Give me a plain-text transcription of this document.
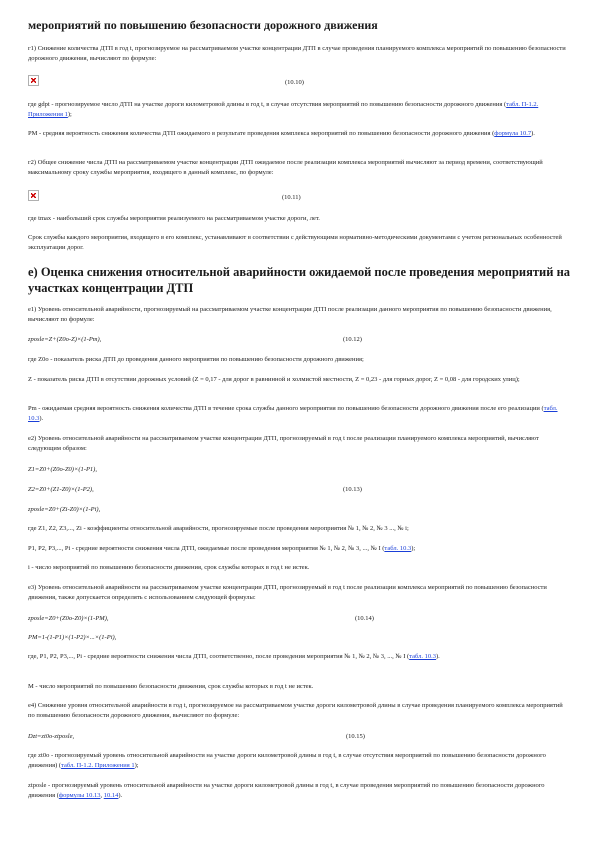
мероприятий по повышению безопасности дорожного движения
г1) Снижение количества ДТП в год t, прогнозируемое на рассматриваемом участке концентрации ДТП в случае проведения планируемого комплекса мероприятий по повышению безопасности дорожного движения, вычисляют по формуле:
(10.10)
где gdpt - прогнозируемое число ДТП на участке дороги километровой длины в год t, в случае отсутствия мероприятий по повышению безопасности дорожного движения (табл. П-1.2. Приложения 1);
PM - средняя вероятность снижения количества ДТП ожидаемого в результате проведения комплекса мероприятий по повышению безопасности дорожного движения (формула 10.7).
г2) Общее снижение числа ДТП на рассматриваемом участке концентрации ДТП ожидаемое после реализации комплекса мероприятий вычисляют за период времени, соответствующий максимальному сроку службы мероприятия, входящего в данный комплекс, по формуле:
(10.11)
где tmax - наибольший срок службы мероприятия реализуемого на рассматриваемом участке дороги, лет.
Срок службы каждого мероприятия, входящего в его комплекс, устанавливают в соответствии с действующими нормативно-методическими документами с учетом региональных особенностей эксплуатации дорог.
е) Оценка снижения относительной аварийности ожидаемой после проведения мероприятий на участках концентрации ДТП
е1) Уровень относительной аварийности, прогнозируемый на рассматриваемом участке концентрации ДТП после реализации данного мероприятия по повышению безопасности движения, вычисляют по формуле:
zposle=Z+(Z0o-Z)×(1-Pm),	(10.12)
где Z0o - показатель риска ДТП до проведения данного мероприятия по повышению безопасности дорожного движения;
Z - показатель риска ДТП в отсутствии дорожных условий (Z = 0,17 - для дорог в равнинной и холмистой местности, Z = 0,23 - для горных дорог, Z = 0,08 - для городских улиц);
Pm - ожидаемая средняя вероятность снижения количества ДТП в течение срока службы данного мероприятия по повышению безопасности дорожного движения после его реализации (табл. 10.3).
е2) Уровень относительной аварийности на рассматриваемом участке концентрации ДТП, прогнозируемый в год t после реализации планируемого комплекса мероприятий, вычисляют следующим образом:
Z1=Z0+(Z0o-Z0)×(1-P1),
Z2=Z0+(Z1-Z0)×(1-P2),	(10.13)
zposle=Z0+(Zi-Z0)×(1-Pi),
где Z1, Z2, Z3,..., Zi - коэффициенты относительной аварийности, прогнозируемые после проведения мероприятия № 1, № 2, № 3 ..., № i;
P1, P2, P3,..., Pi - средние вероятности снижения числа ДТП, ожидаемые после проведения мероприятия № 1, № 2, № 3, ..., № I (табл. 10.3);
i - число мероприятий по повышению безопасности движения, срок службы которых в год t не истек.
е3) Уровень относительной аварийности на рассматриваемом участке концентрации ДТП, прогнозируемый в год t после реализации комплекса мероприятий по повышению безопасности движения, также допускается определять с использованием следующей формулы:
zposle=Z0+(Z0o-Z0)×(1-PM),	(10.14)
PM=1-(1-P1)×(1-P2)×...×(1-Pi),
где, P1, P2, P3,..., Pi - средние вероятности снижения числа ДТП, соответственно, после проведения мероприятия № 1, № 2, № 3, ..., № I (табл. 10.3).
M - число мероприятий по повышению безопасности движения, срок службы которых в год t не истек.
е4) Снижение уровня относительной аварийности в год t, прогнозируемое на рассматриваемом участке дороги километровой длины в случае проведения планируемого комплекса мероприятий по повышению безопасности дорожного движения, вычисляют по формуле:
Dzt=zt0o-ztposle,	(10.15)
где zt0o - прогнозируемый уровень относительной аварийности на участке дороги километровой длины в год t, в случае отсутствия мероприятий по повышению безопасности дорожного движения) (табл. П-1.2. Приложения 1);
ztposle - прогнозируемый уровень относительной аварийности на участке дороги километровой длины в год t, в случае проведения мероприятий по повышению безопасности дорожного движения (формулы 10.13, 10.14).
